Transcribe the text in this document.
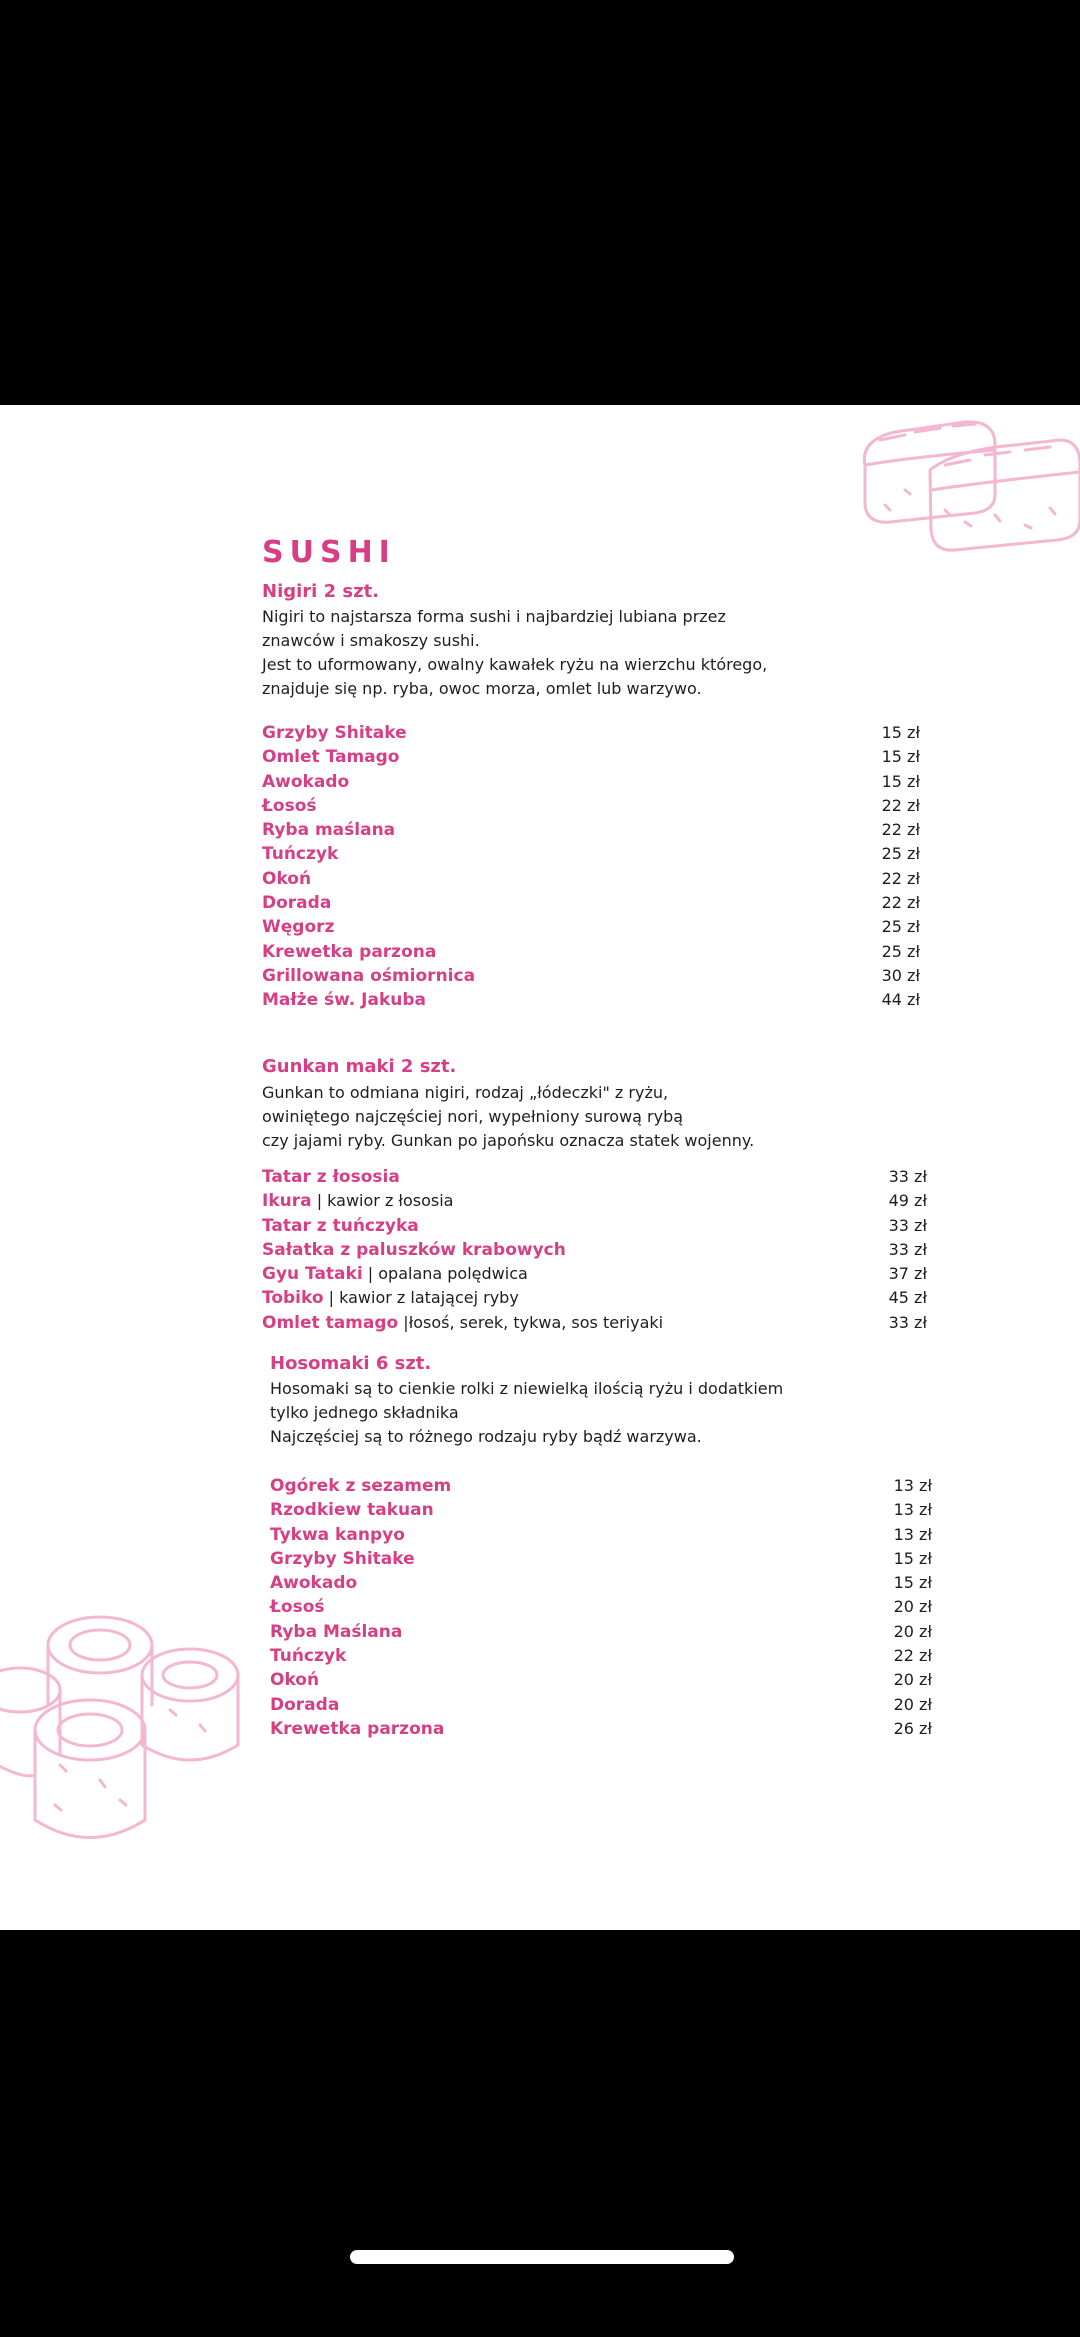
SUSHI
Nigiri 2 szt.
Nigiri to najstarsza forma sushi i najbardziej lubiana przez
znawców i smakoszy sushi.
Jest to uformowany, owalny kawałek ryżu na wierzchu którego,
znajduje się np. ryba, owoc morza, omlet lub warzywo.
Grzyby Shitake	15 zł
Omlet Tamago	15 zł
Awokado	15 zł
Łosoś	22 zł
Ryba maślana	22 zł
Tuńczyk	25 zł
Okoń	22 zł
Dorada	22 zł
Węgorz	25 zł
Krewetka parzona	25 zł
Grillowana ośmiornica	30 zł
Małże św. Jakuba	44 zł
Gunkan maki 2 szt.
Gunkan to odmiana nigiri, rodzaj „łódeczki" z ryżu,
owiniętego najczęściej nori, wypełniony surową rybą
czy jajami ryby. Gunkan po japońsku oznacza statek wojenny.
Tatar z łososia	33 zł
Ikura | kawior z łososia	49 zł
Tatar z tuńczyka	33 zł
Sałatka z paluszków krabowych	33 zł
Gyu Tataki | opalana polędwica	37 zł
Tobiko | kawior z latającej ryby	45 zł
Omlet tamago |łosoś, serek, tykwa, sos teriyaki	33 zł
Hosomaki 6 szt.
Hosomaki są to cienkie rolki z niewielką ilością ryżu i dodatkiem
tylko jednego składnika
Najczęściej są to różnego rodzaju ryby bądź warzywa.
Ogórek z sezamem	13 zł
Rzodkiew takuan	13 zł
Tykwa kanpyo	13 zł
Grzyby Shitake	15 zł
Awokado	15 zł
Łosoś	20 zł
Ryba Maślana	20 zł
Tuńczyk	22 zł
Okoń	20 zł
Dorada	20 zł
Krewetka parzona	26 zł
